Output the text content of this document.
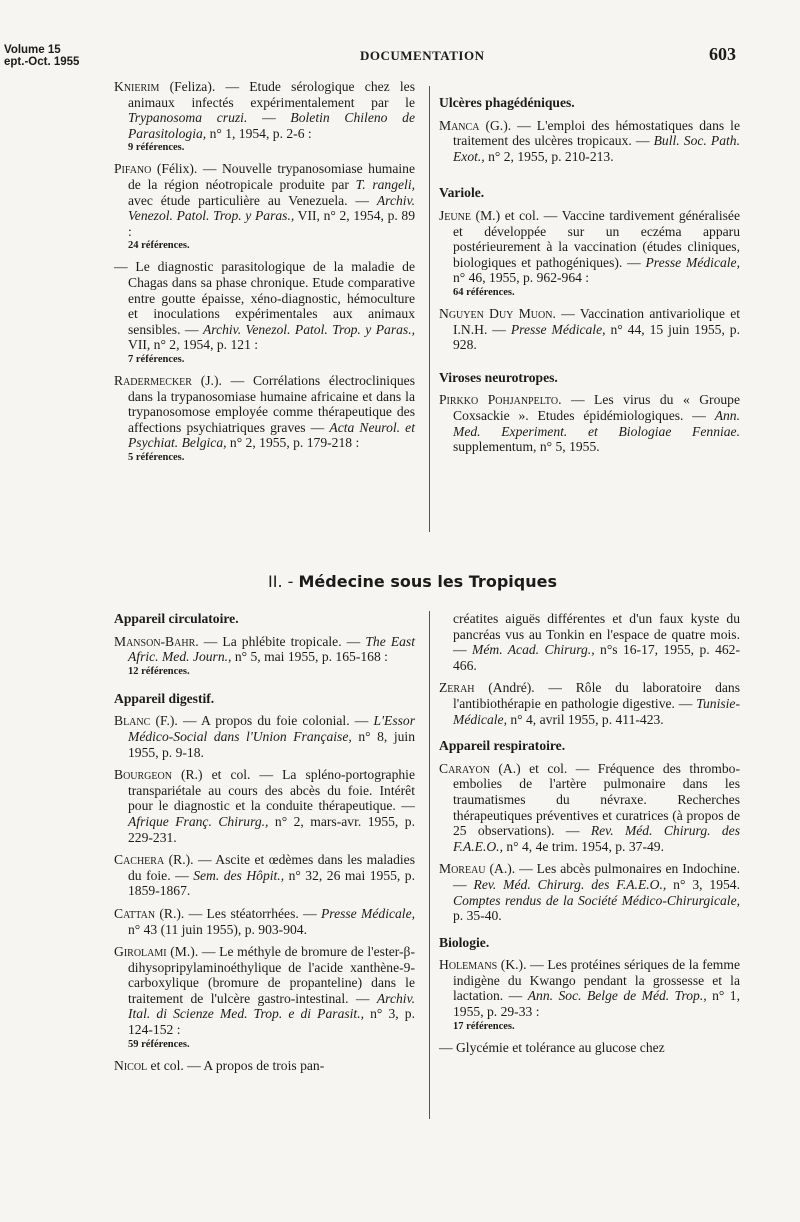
Volume 15
ept.-Oct. 1955	DOCUMENTATION	603
Knierim (Feliza). — Etude sérologique chez les animaux infectés expérimentalement par le Trypanosoma cruzi. — Boletin Chileno de Parasitologia, n° 1, 1954, p. 2-6 :
9 références.
Pifano (Félix). — Nouvelle trypanosomiase humaine de la région néotropicale produite par T. rangeli, avec étude particulière au Venezuela. — Archiv. Venezol. Patol. Trop. y Paras., VII, n° 2, 1954, p. 89 :
24 références.
— Le diagnostic parasitologique de la maladie de Chagas dans sa phase chronique. Etude comparative entre goutte épaisse, xéno-diagnostic, hémoculture et inoculations expérimentales aux animaux sensibles. — Archiv. Venezol. Patol. Trop. y Paras., VII, n° 2, 1954, p. 121 :
7 références.
Radermecker (J.). — Corrélations électrocliniques dans la trypanosomiase humaine africaine et dans la trypanosomose employée comme thérapeutique des affections psychiatriques graves — Acta Neurol. et Psychiat. Belgica, n° 2, 1955, p. 179-218 :
5 références.
Ulcères phagédéniques.
Manca (G.). — L'emploi des hémostatiques dans le traitement des ulcères tropicaux. — Bull. Soc. Path. Exot., n° 2, 1955, p. 210-213.
Variole.
Jeune (M.) et col. — Vaccine tardivement généralisée et développée sur un eczéma apparu postérieurement à la vaccination (études cliniques, biologiques et pathogéniques). — Presse Médicale, n° 46, 1955, p. 962-964 :
64 références.
Nguyen Duy Muon. — Vaccination antivariolique et I.N.H. — Presse Médicale, n° 44, 15 juin 1955, p. 928.
Viroses neurotropes.
Pirkko Pohjanpelto. — Les virus du « Groupe Coxsackie ». Etudes épidémiologiques. — Ann. Med. Experiment. et Biologiae Fenniae. supplementum, n° 5, 1955.
II. - Médecine sous les Tropiques
Appareil circulatoire.
Manson-Bahr. — La phlébite tropicale. — The East Afric. Med. Journ., n° 5, mai 1955, p. 165-168 :
12 références.
Appareil digestif.
Blanc (F.). — A propos du foie colonial. — L'Essor Médico-Social dans l'Union Française, n° 8, juin 1955, p. 9-18.
Bourgeon (R.) et col. — La spléno-portographie transpariétale au cours des abcès du foie. Intérêt pour le diagnostic et la conduite thérapeutique. — Afrique Franç. Chirurg., n° 2, mars-avr. 1955, p. 229-231.
Cachera (R.). — Ascite et œdèmes dans les maladies du foie. — Sem. des Hôpit., n° 32, 26 mai 1955, p. 1859-1867.
Cattan (R.). — Les stéatorrhées. — Presse Médicale, n° 43 (11 juin 1955), p. 903-904.
Girolami (M.). — Le méthyle de bromure de l'ester-β-dihysopripylaminoéthylique de l'acide xanthène-9-carboxylique (bromure de propanteline) dans le traitement de l'ulcère gastro-intestinal. — Archiv. Ital. di Scienze Med. Trop. e di Parasit., n° 3, p. 124-152 :
59 références.
Nicol et col. — A propos de trois pan-
créatites aiguës différentes et d'un faux kyste du pancréas vus au Tonkin en l'espace de quatre mois. — Mém. Acad. Chirurg., n°s 16-17, 1955, p. 462-466.
Zerah (André). — Rôle du laboratoire dans l'antibiothérapie en pathologie digestive. — Tunisie-Médicale, n° 4, avril 1955, p. 411-423.
Appareil respiratoire.
Carayon (A.) et col. — Fréquence des thrombo-embolies de l'artère pulmonaire dans les traumatismes du névraxe. Recherches thérapeutiques préventives et curatrices (à propos de 25 observations). — Rev. Méd. Chirurg. des F.A.E.O., n° 4, 4e trim. 1954, p. 37-49.
Moreau (A.). — Les abcès pulmonaires en Indochine. — Rev. Méd. Chirurg. des F.A.E.O., n° 3, 1954. Comptes rendus de la Société Médico-Chirurgicale, p. 35-40.
Biologie.
Holemans (K.). — Les protéines sériques de la femme indigène du Kwango pendant la grossesse et la lactation. — Ann. Soc. Belge de Méd. Trop., n° 1, 1955, p. 29-33 :
17 références.
— Glycémie et tolérance au glucose chez
